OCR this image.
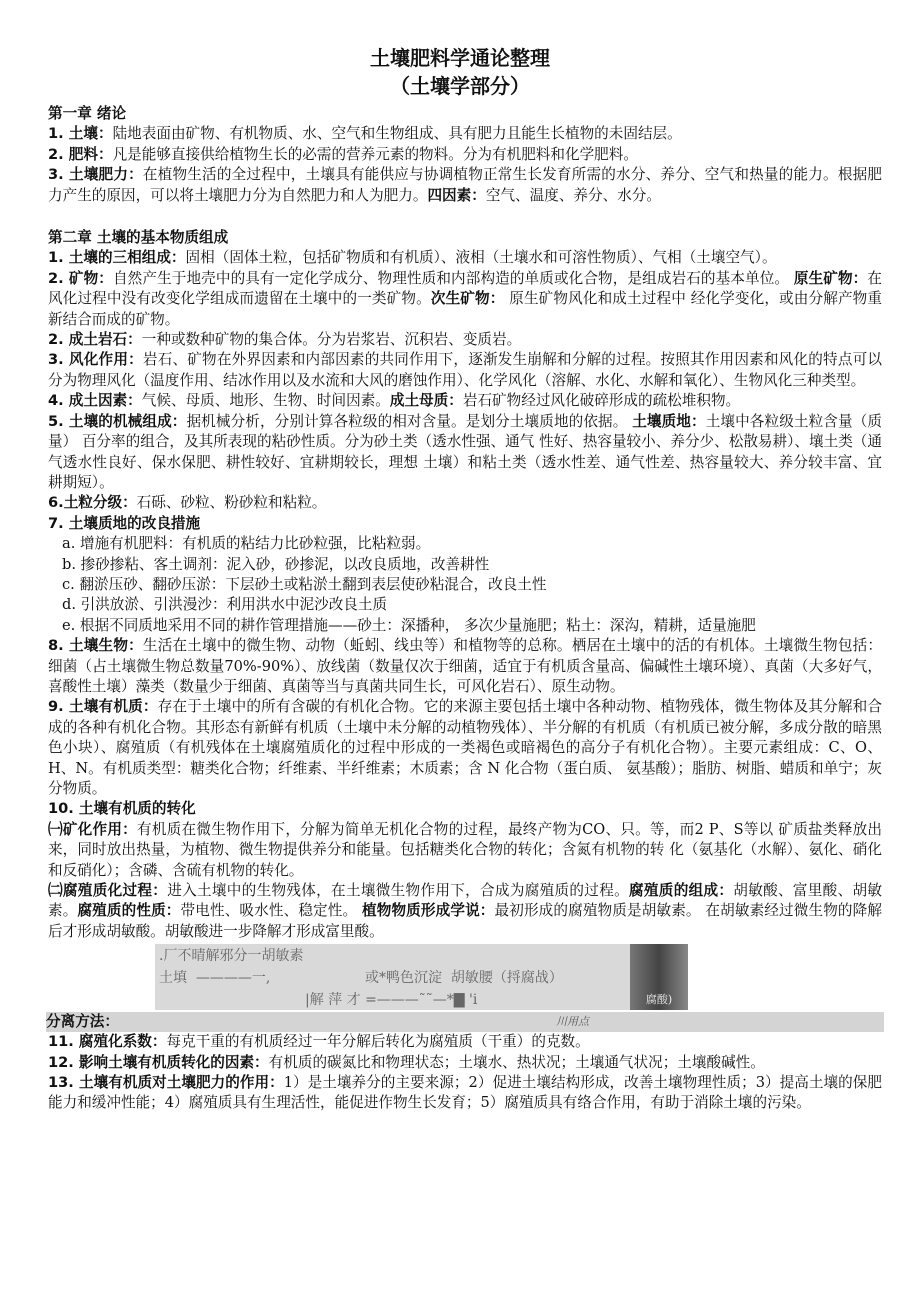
土壤肥料学通论整理
（土壤学部分）
第一章 绪论

1. 土壤：陆地表面由矿物、有机物质、水、空气和生物组成、具有肥力且能生长植物的未固结层。

2. 肥料：凡是能够直接供给植物生长的必需的营养元素的物料。分为有机肥料和化学肥料。

3. 土壤肥力：在植物生活的全过程中，土壤具有能供应与协调植物正常生长发育所需的水分、养分、空气和热量的能力。根据肥力产生的原因，可以将土壤肥力分为自然肥力和人为肥力。四因素：空气、温度、养分、水分。

第二章 土壤的基本物质组成

1. 土壤的三相组成：固相（固体土粒，包括矿物质和有机质）、液相（土壤水和可溶性物质）、气相（土壤空气）。

2. 矿物：自然产生于地壳中的具有一定化学成分、物理性质和内部构造的单质或化合物，是组成岩石的基本单位。 原生矿物：在风化过程中没有改变化学组成而遗留在土壤中的一类矿物。次生矿物： 原生矿物风化和成土过程中 经化学变化，或由分解产物重新结合而成的矿物。

2. 成土岩石：一种或数种矿物的集合体。分为岩浆岩、沉积岩、变质岩。

3. 风化作用：岩石、矿物在外界因素和内部因素的共同作用下，逐渐发生崩解和分解的过程。按照其作用因素和风化的特点可以分为物理风化（温度作用、结冰作用以及水流和大风的磨蚀作用）、化学风化（溶解、水化、水解和氧化）、生物风化三种类型。

4. 成土因素：气候、母质、地形、生物、时间因素。成土母质：岩石矿物经过风化破碎形成的疏松堆积物。

5. 土壤的机械组成：据机械分析，分别计算各粒级的相对含量。是划分土壤质地的依据。 土壤质地：土壤中各粒级土粒含量（质量） 百分率的组合，及其所表现的粘砂性质。分为砂土类（透水性强、通气 性好、热容量较小、养分少、松散易耕）、壤土类（通气透水性良好、保水保肥、耕性较好、宜耕期较长，理想 土壤）和粘土类（透水性差、通气性差、热容量较大、养分较丰富、宜耕期短）。

6.土粒分级：石砾、砂粒、粉砂粒和粘粒。

7. 土壤质地的改良措施

a. 增施有机肥料：有机质的粘结力比砂粒强，比粘粒弱。

b. 掺砂掺粘、客土调剂：泥入砂，砂掺泥，以改良质地，改善耕性

c. 翻淤压砂、翻砂压淤：下层砂土或粘淤土翻到表层使砂粘混合，改良土性

d. 引洪放淤、引洪漫沙：利用洪水中泥沙改良土质

e. 根据不同质地采用不同的耕作管理措施——砂土：深播种， 多次少量施肥；粘土：深沟，精耕，适量施肥

8. 土壤生物：生活在土壤中的微生物、动物（蚯蚓、线虫等）和植物等的总称。栖居在土壤中的活的有机体。土壤微生物包括：细菌（占土壤微生物总数量70%-90%）、放线菌（数量仅次于细菌，适宜于有机质含量高、偏碱性土壤环境）、真菌（大多好气，喜酸性土壤）藻类（数量少于细菌、真菌等当与真菌共同生长，可风化岩石）、原生动物。

9. 土壤有机质：存在于土壤中的所有含碳的有机化合物。它的来源主要包括土壤中各种动物、植物残体，微生物体及其分解和合成的各种有机化合物。其形态有新鲜有机质（土壤中未分解的动植物残体）、半分解的有机质（有机质已被分解，多成分散的暗黑色小块）、腐殖质（有机残体在土壤腐殖质化的过程中形成的一类褐色或暗褐色的高分子有机化合物）。主要元素组成：C、O、H、N。有机质类型：糖类化合物；纤维素、半纤维素；木质素；含 N 化合物（蛋白质、 氨基酸）；脂肪、树脂、蜡质和单宁；灰分物质。

10. 土壤有机质的转化

㈠矿化作用：有机质在微生物作用下，分解为简单无机化合物的过程，最终产物为CO、只。等，而2 P、S等以 矿质盐类释放出来，同时放出热量，为植物、微生物提供养分和能量。包括糖类化合物的转化；含氮有机物的转 化（氨基化（水解）、氨化、硝化和反硝化）；含磷、含硫有机物的转化。

㈡腐殖质化过程：进入土壤中的生物残体，在土壤微生物作用下，合成为腐殖质的过程。腐殖质的组成：胡敏酸、富里酸、胡敏素。腐殖质的性质：带电性、吸水性、稳定性。 植物物质形成学说：最初形成的腐殖物质是胡敏素。 在胡敏素经过微生物的降解后才形成胡敏酸。胡敏酸进一步降解才形成富里酸。

.厂不晴解邪分一胡敏素
土填  ————一,	或*鸭色沉淀  胡敏腰（捋腐战）
|解 萍 才 =———˜˜—*▇ 'i	腐酸)
分离方法：	川用点

11. 腐殖化系数：每克干重的有机质经过一年分解后转化为腐殖质（干重）的克数。

12. 影响土壤有机质转化的因素：有机质的碳氮比和物理状态；土壤水、热状况；土壤通气状况；土壤酸碱性。

13. 土壤有机质对土壤肥力的作用：1）是土壤养分的主要来源；2）促进土壤结构形成，改善土壤物理性质；3）提高土壤的保肥能力和缓冲性能；4）腐殖质具有生理活性，能促进作物生长发育；5）腐殖质具有络合作用，有助于消除土壤的污染。
